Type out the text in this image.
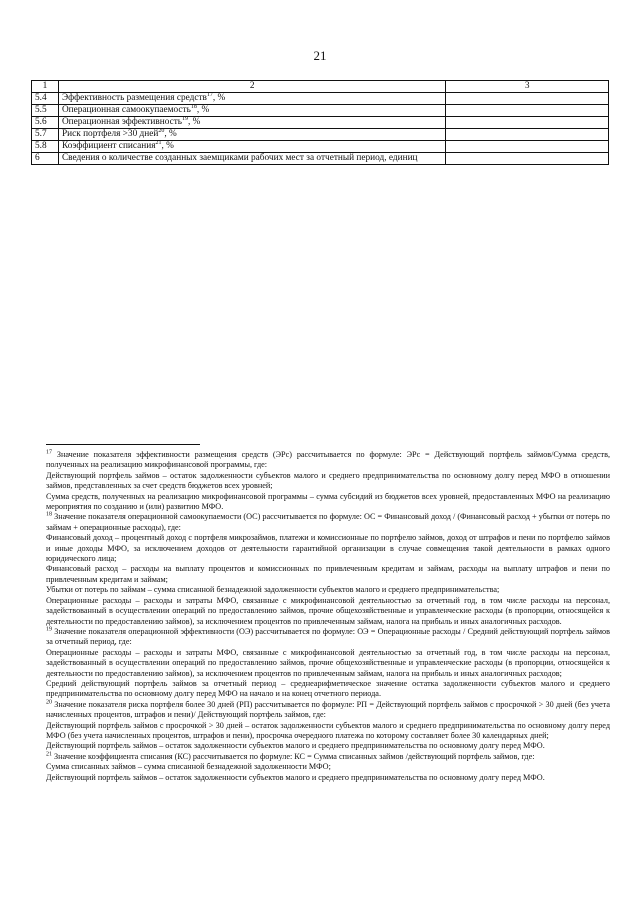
21
1	2	3
5.4	Эффективность размещения средств$^{17}$, %	
5.5	Операционная самоокупаемость$^{18}$, %	
5.6	Операционная эффективность$^{19}$, %	
5.7	Риск портфеля >30 дней$^{20}$, %	
5.8	Коэффициент списания$^{21}$, %	
6	Сведения о количестве созданных заемщиками рабочих мест за отчетный период, единиц	

$^{17}$ Значение показателя эффективности размещения средств (ЭРс) рассчитывается по формуле: ЭРс = Действующий портфель займов/Сумма средств, полученных на реализацию микрофинансовой программы, где:

Действующий портфель займов – остаток задолженности субъектов малого и среднего предпринимательства по основному долгу перед МФО в отношении займов, представленных за счет средств бюджетов всех уровней;

Сумма средств, полученных на реализацию микрофинансовой программы – сумма субсидий из бюджетов всех уровней, предоставленных МФО на реализацию мероприятия по созданию и (или) развитию МФО.

$^{18}$ Значение показателя операционной самоокупаемости (ОС) рассчитывается по формуле: ОС = Финансовый доход / (Финансовый расход + убытки от потерь по займам + операционные расходы), где:

Финансовый доход – процентный доход с портфеля микрозаймов, платежи и комиссионные по портфелю займов, доход от штрафов и пени по портфелю займов и иные доходы МФО, за исключением доходов от деятельности гарантийной организации в случае совмещения такой деятельности в рамках одного юридического лица;

Финансовый расход – расходы на выплату процентов и комиссионных по привлеченным кредитам и займам, расходы на выплату штрафов и пени по привлеченным кредитам и займам;

Убытки от потерь по займам – сумма списанной безнадежной задолженности субъектов малого и среднего предпринимательства;

Операционные расходы – расходы и затраты МФО, связанные с микрофинансовой деятельностью за отчетный год, в том числе расходы на персонал, задействованный в осуществлении операций по предоставлению займов, прочие общехозяйственные и управленческие расходы (в пропорции, относящейся к деятельности по предоставлению займов), за исключением процентов по привлеченным займам, налога на прибыль и иных аналогичных расходов.

$^{19}$ Значение показателя операционной эффективности (ОЭ) рассчитывается по формуле: ОЭ = Операционные расходы / Средний действующий портфель займов за отчетный период, где:

Операционные расходы – расходы и затраты МФО, связанные с микрофинансовой деятельностью за отчетный год, в том числе расходы на персонал, задействованный в осуществлении операций по предоставлению займов, прочие общехозяйственные и управленческие расходы (в пропорции, относящейся к деятельности по предоставлению займов), за исключением процентов по привлеченным займам, налога на прибыль и иных аналогичных расходов;

Средний действующий портфель займов за отчетный период – среднеарифметическое значение остатка задолженности субъектов малого и среднего предпринимательства по основному долгу перед МФО на начало и на конец отчетного периода.

$^{20}$ Значение показателя риска портфеля более 30 дней (РП) рассчитывается по формуле: РП = Действующий портфель займов с просрочкой > 30 дней (без учета начисленных процентов, штрафов и пени)/ Действующий портфель займов, где:

Действующий портфель займов с просрочкой > 30 дней – остаток задолженности субъектов малого и среднего предпринимательства по основному долгу перед МФО (без учета начисленных процентов, штрафов и пени), просрочка очередного платежа по которому составляет более 30 календарных дней;

Действующий портфель займов – остаток задолженности субъектов малого и среднего предпринимательства по основному долгу перед МФО.

$^{21}$ Значение коэффициента списания (КС) рассчитывается по формуле: КС = Сумма списанных займов /действующий портфель займов, где:

Сумма списанных займов – сумма списанной безнадежной задолженности МФО;

Действующий портфель займов – остаток задолженности субъектов малого и среднего предпринимательства по основному долгу перед МФО.
